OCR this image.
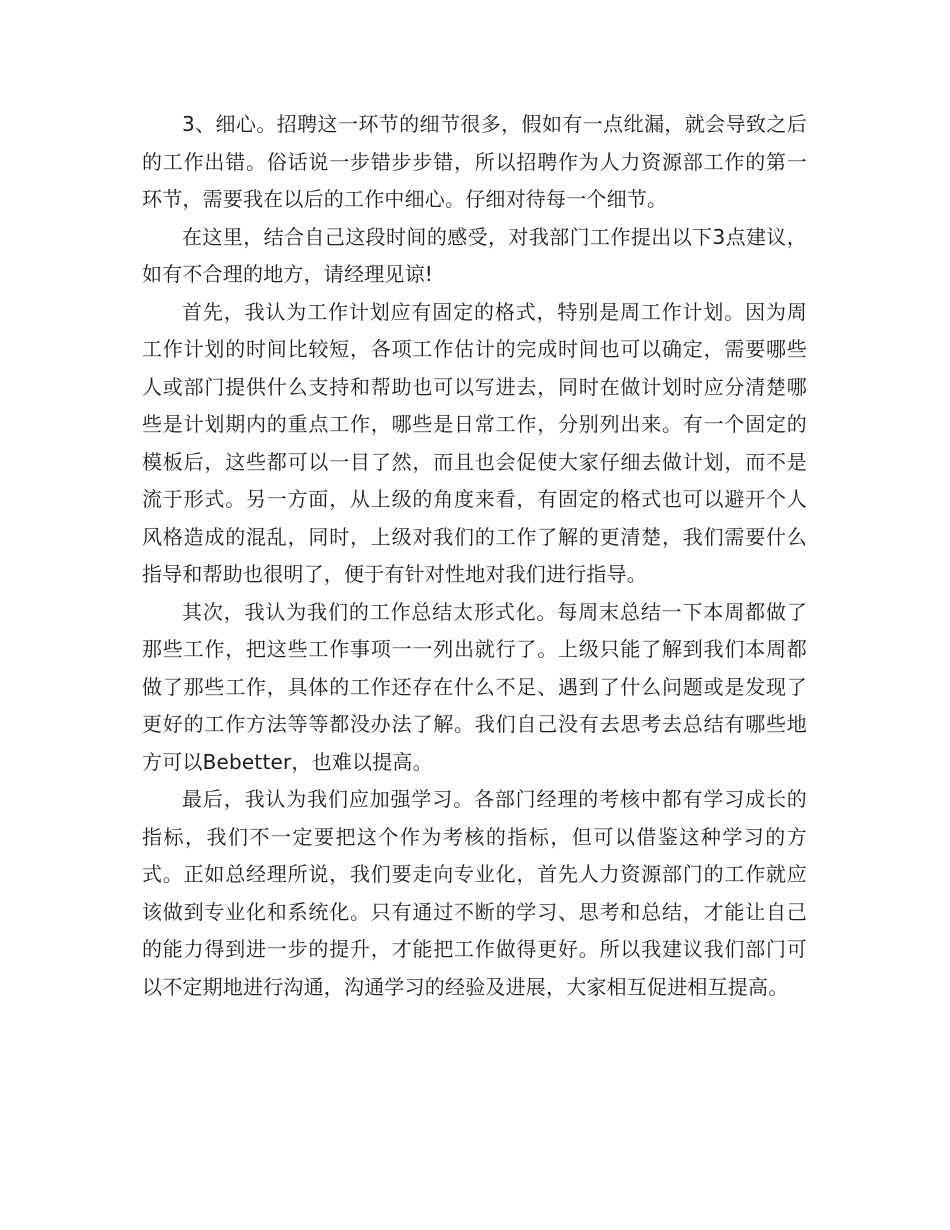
3、细心。招聘这一环节的细节很多，假如有一点纰漏，就会导致之后的工作出错。俗话说一步错步步错，所以招聘作为人力资源部工作的第一环节，需要我在以后的工作中细心。仔细对待每一个细节。

在这里，结合自己这段时间的感受，对我部门工作提出以下3点建议，如有不合理的地方，请经理见谅!

首先，我认为工作计划应有固定的格式，特别是周工作计划。因为周工作计划的时间比较短，各项工作估计的完成时间也可以确定，需要哪些人或部门提供什么支持和帮助也可以写进去，同时在做计划时应分清楚哪些是计划期内的重点工作，哪些是日常工作，分别列出来。有一个固定的模板后，这些都可以一目了然，而且也会促使大家仔细去做计划，而不是流于形式。另一方面，从上级的角度来看，有固定的格式也可以避开个人风格造成的混乱，同时，上级对我们的工作了解的更清楚，我们需要什么指导和帮助也很明了，便于有针对性地对我们进行指导。

其次，我认为我们的工作总结太形式化。每周末总结一下本周都做了那些工作，把这些工作事项一一列出就行了。上级只能了解到我们本周都做了那些工作，具体的工作还存在什么不足、遇到了什么问题或是发现了更好的工作方法等等都没办法了解。我们自己没有去思考去总结有哪些地方可以Bebetter，也难以提高。

最后，我认为我们应加强学习。各部门经理的考核中都有学习成长的指标，我们不一定要把这个作为考核的指标，但可以借鉴这种学习的方式。正如总经理所说，我们要走向专业化，首先人力资源部门的工作就应该做到专业化和系统化。只有通过不断的学习、思考和总结，才能让自己的能力得到进一步的提升，才能把工作做得更好。所以我建议我们部门可以不定期地进行沟通，沟通学习的经验及进展，大家相互促进相互提高。
